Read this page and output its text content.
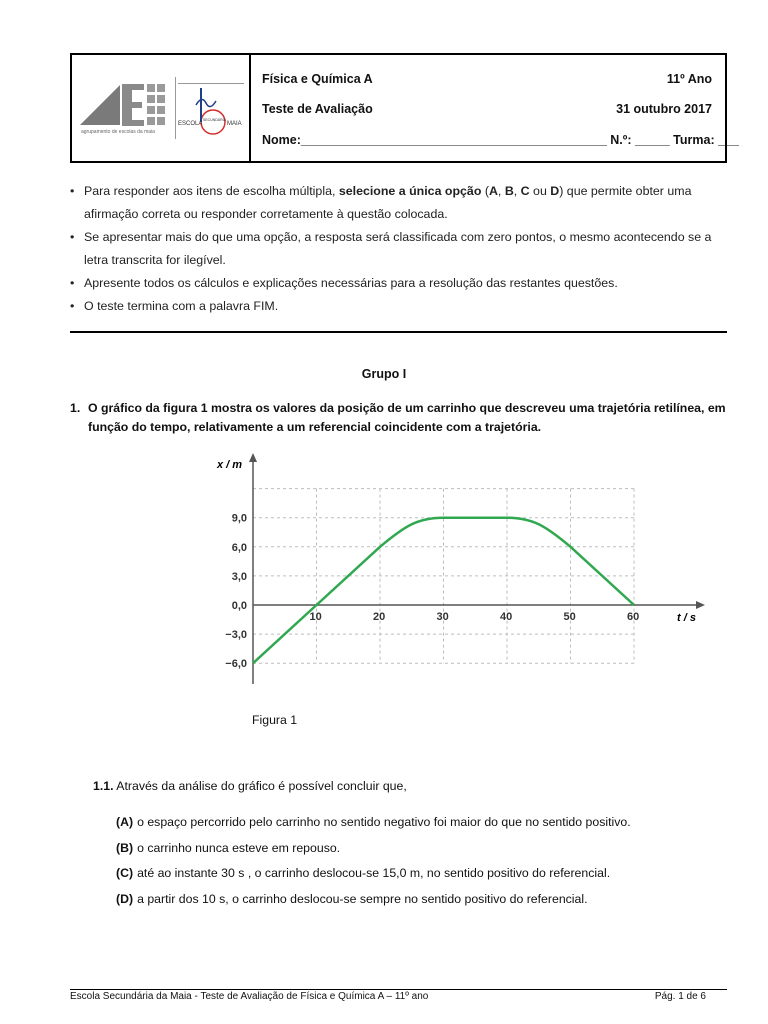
agrupamento de escolas da maia
ESCOLA
SECUNDÁRIA
MAIA
Física e Química A	11º Ano
Teste de Avaliação	31 outubro 2017
Nome:____________________________________________ N.º: _____ Turma: ___
• Para responder aos itens de escolha múltipla, selecione a única opção (A, B, C ou D) que permite obter uma afirmação correta ou responder corretamente à questão colocada.
• Se apresentar mais do que uma opção, a resposta será classificada com zero pontos, o mesmo acontecendo se a letra transcrita for ilegível.
• Apresente todos os cálculos e explicações necessárias para a resolução das restantes questões.
• O teste termina com a palavra FIM.
Grupo I
1. O gráfico da figura 1 mostra os valores da posição de um carrinho que descreveu uma trajetória retilínea, em função do tempo, relativamente a um referencial coincidente com a trajetória.
10	20	30	40	50	60
9,0
6,0
3,0
0,0
−3,0
−6,0
x / m
t / s
Figura 1
1.1. Através da análise do gráfico é possível concluir que,
(A) o espaço percorrido pelo carrinho no sentido negativo foi maior do que no sentido positivo.
(B) o carrinho nunca esteve em repouso.
(C) até ao instante 30 s , o carrinho deslocou-se 15,0 m, no sentido positivo do referencial.
(D) a partir dos 10 s, o carrinho deslocou-se sempre no sentido positivo do referencial.
Escola Secundária da Maia - Teste de Avaliação de Física e Química A – 11º ano	Pág. 1 de 6
